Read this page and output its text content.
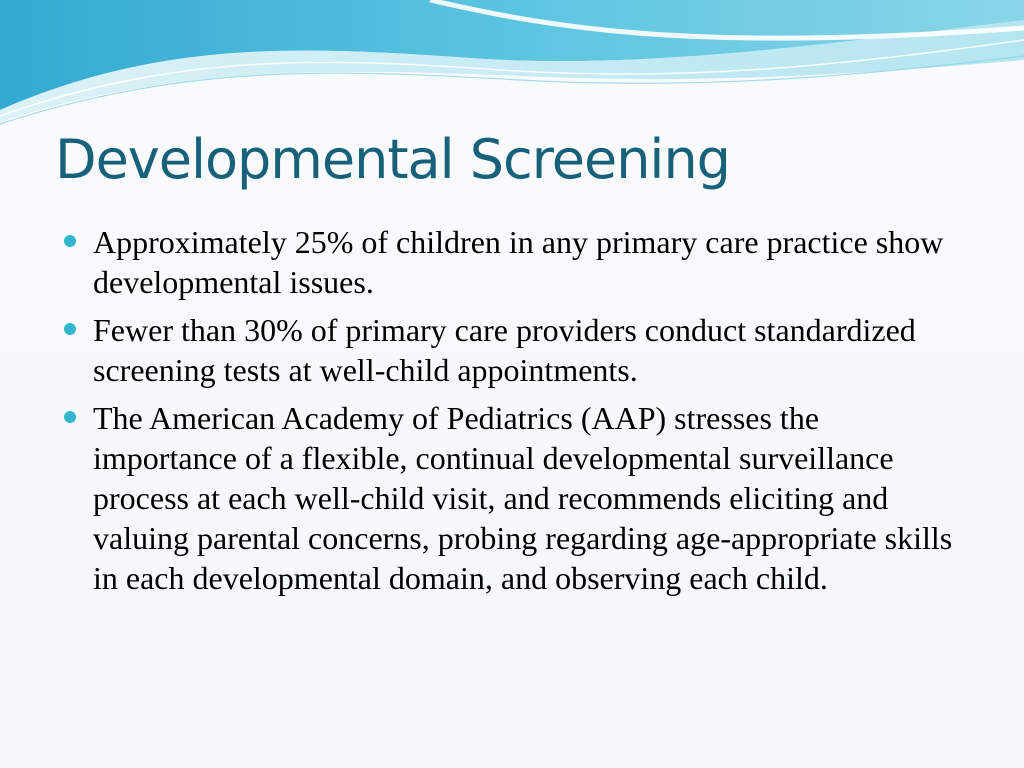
Developmental Screening
Approximately 25% of children in any primary care practice show developmental issues.
Fewer than 30% of primary care providers conduct standardized screening tests at well-child appointments.
The American Academy of Pediatrics (AAP) stresses the importance of a flexible, continual developmental surveillance process at each well-child visit, and recommends eliciting and valuing parental concerns, probing regarding age-appropriate skills in each developmental domain, and observing each child.
